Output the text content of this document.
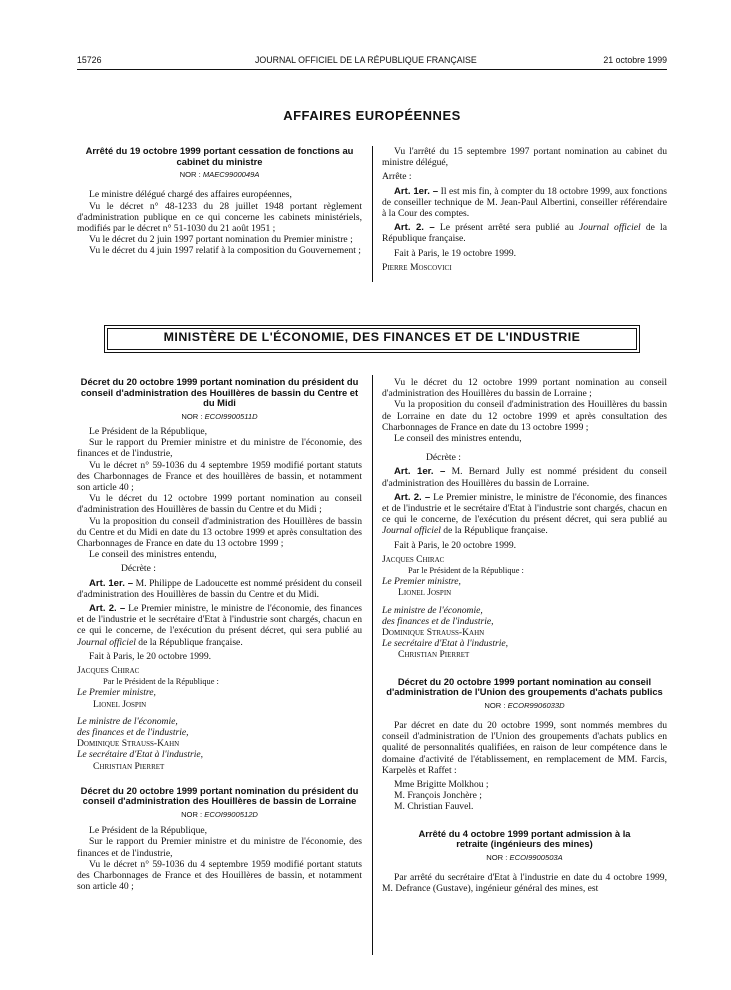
15726	JOURNAL OFFICIEL DE LA RÉPUBLIQUE FRANÇAISE	21 octobre 1999
AFFAIRES EUROPÉENNES
Arrêté du 19 octobre 1999 portant cessation de fonctions au cabinet du ministre
NOR : MAEC9900049A

Le ministre délégué chargé des affaires européennes,

Vu le décret n° 48-1233 du 28 juillet 1948 portant règlement d'administration publique en ce qui concerne les cabinets ministériels, modifiés par le décret n° 51-1030 du 21 août 1951 ;

Vu le décret du 2 juin 1997 portant nomination du Premier ministre ;

Vu le décret du 4 juin 1997 relatif à la composition du Gouvernement ;

Vu l'arrêté du 15 septembre 1997 portant nomination au cabinet du ministre délégué,

Arrête :

Art. 1er. – Il est mis fin, à compter du 18 octobre 1999, aux fonctions de conseiller technique de M. Jean-Paul Albertini, conseiller référendaire à la Cour des comptes.

Art. 2. – Le présent arrêté sera publié au Journal officiel de la République française.

Fait à Paris, le 19 octobre 1999.

Pierre Moscovici

MINISTÈRE DE L'ÉCONOMIE, DES FINANCES ET DE L'INDUSTRIE
Décret du 20 octobre 1999 portant nomination du président du conseil d'administration des Houillères de bassin du Centre et du Midi
NOR : ECOI9900511D

Le Président de la République,

Sur le rapport du Premier ministre et du ministre de l'économie, des finances et de l'industrie,

Vu le décret n° 59-1036 du 4 septembre 1959 modifié portant statuts des Charbonnages de France et des houillères de bassin, et notamment son article 40 ;

Vu le décret du 12 octobre 1999 portant nomination au conseil d'administration des Houillères de bassin du Centre et du Midi ;

Vu la proposition du conseil d'administration des Houillères de bassin du Centre et du Midi en date du 13 octobre 1999 et après consultation des Charbonnages de France en date du 13 octobre 1999 ;

Le conseil des ministres entendu,

Décrète :

Art. 1er. – M. Philippe de Ladoucette est nommé président du conseil d'administration des Houillères de bassin du Centre et du Midi.

Art. 2. – Le Premier ministre, le ministre de l'économie, des finances et de l'industrie et le secrétaire d'Etat à l'industrie sont chargés, chacun en ce qui le concerne, de l'exécution du présent décret, qui sera publié au Journal officiel de la République française.

Fait à Paris, le 20 octobre 1999.

Jacques Chirac

Par le Président de la République :

Le Premier ministre,

Lionel Jospin

Le ministre de l'économie,

des finances et de l'industrie,

Dominique Strauss-Kahn

Le secrétaire d'Etat à l'industrie,

Christian Pierret

Décret du 20 octobre 1999 portant nomination du président du conseil d'administration des Houillères de bassin de Lorraine
NOR : ECOI9900512D

Le Président de la République,

Sur le rapport du Premier ministre et du ministre de l'économie, des finances et de l'industrie,

Vu le décret n° 59-1036 du 4 septembre 1959 modifié portant statuts des Charbonnages de France et des Houillères de bassin, et notamment son article 40 ;

Vu le décret du 12 octobre 1999 portant nomination au conseil d'administration des Houillères du bassin de Lorraine ;

Vu la proposition du conseil d'administration des Houillères du bassin de Lorraine en date du 12 octobre 1999 et après consultation des Charbonnages de France en date du 13 octobre 1999 ;

Le conseil des ministres entendu,

Décrète :

Art. 1er. – M. Bernard Jully est nommé président du conseil d'administration des Houillères du bassin de Lorraine.

Art. 2. – Le Premier ministre, le ministre de l'économie, des finances et de l'industrie et le secrétaire d'Etat à l'industrie sont chargés, chacun en ce qui le concerne, de l'exécution du présent décret, qui sera publié au Journal officiel de la République française.

Fait à Paris, le 20 octobre 1999.

Jacques Chirac

Par le Président de la République :

Le Premier ministre,

Lionel Jospin

Le ministre de l'économie,

des finances et de l'industrie,

Dominique Strauss-Kahn

Le secrétaire d'Etat à l'industrie,

Christian Pierret

Décret du 20 octobre 1999 portant nomination au conseil d'administration de l'Union des groupements d'achats publics
NOR : ECOR9906033D

Par décret en date du 20 octobre 1999, sont nommés membres du conseil d'administration de l'Union des groupements d'achats publics en qualité de personnalités qualifiées, en raison de leur compétence dans le domaine d'activité de l'établissement, en remplacement de MM. Farcis, Karpelès et Raffet :

Mme Brigitte Molkhou ;

M. François Jonchère ;

M. Christian Fauvel.

Arrêté du 4 octobre 1999 portant admission à la retraite (ingénieurs des mines)
NOR : ECOI9900503A

Par arrêté du secrétaire d'Etat à l'industrie en date du 4 octobre 1999, M. Defrance (Gustave), ingénieur général des mines, est
